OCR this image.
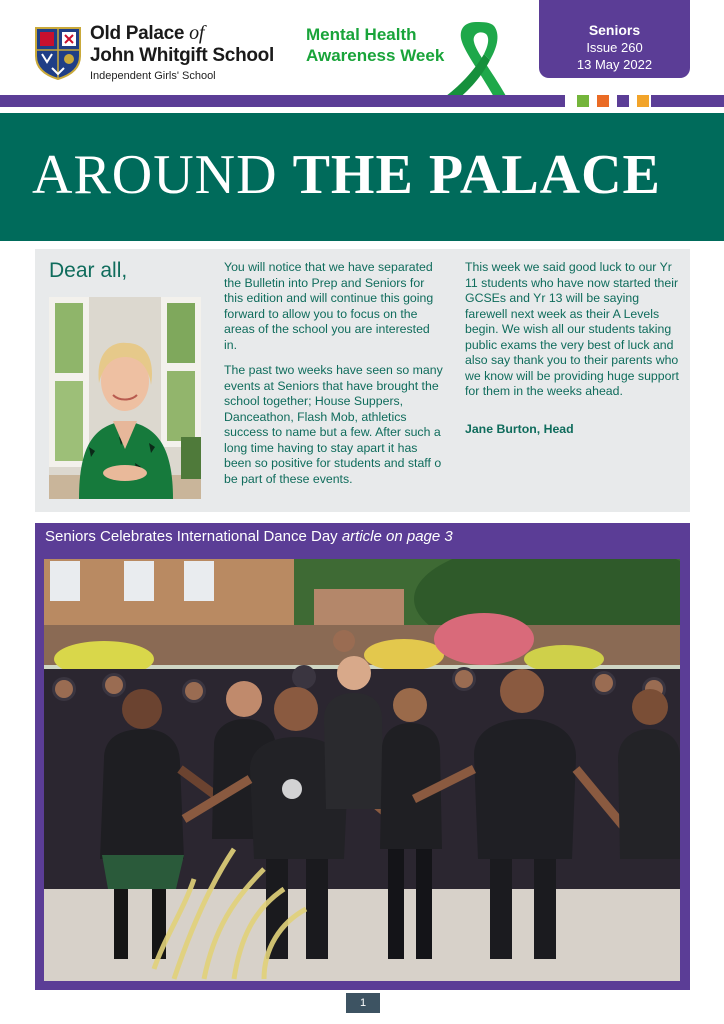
Old Palace of
John Whitgift School
Independent Girls' School
Mental Health
Awareness Week
Seniors
Issue 260
13 May 2022
AROUND THE PALACE
Dear all,	You will notice that we have separated the Bulletin into Prep and Seniors for this edition and will continue this going forward to allow you to focus on the areas of the school you are interested in.

The past two weeks have seen so many events at Seniors that have brought the school together; House Suppers, Danceathon, Flash Mob, athletics success to name but a few. After such a long time having to stay apart it has been so positive for students and staff o be part of these events.

This week we said good luck to our Yr 11 students who have now started their GCSEs and Yr 13 will be saying farewell next week as their A Levels begin. We wish all our students taking public exams the very best of luck and also say thank you to their parents who we know will be providing huge support for them in the weeks ahead.

Jane Burton, Head

Seniors Celebrates International Dance Day article on page 3
1
